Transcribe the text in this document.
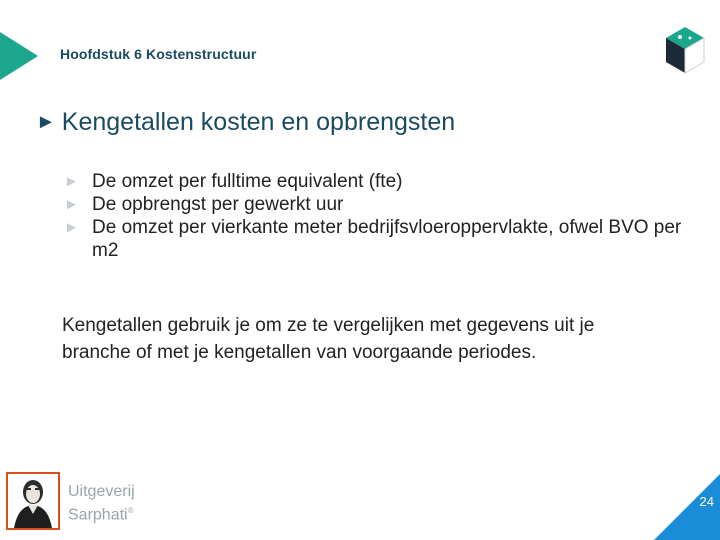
Hoofdstuk 6 Kostenstructuur
► Kengetallen kosten en opbrengsten
► De omzet per fulltime equivalent (fte)
► De opbrengst per gewerkt uur
► De omzet per vierkante meter bedrijfsvloeroppervlakte, ofwel BVO per m2
Kengetallen gebruik je om ze te vergelijken met gegevens uit je branche of met je kengetallen van voorgaande periodes.
Uitgeverij
Sarphati®
24
